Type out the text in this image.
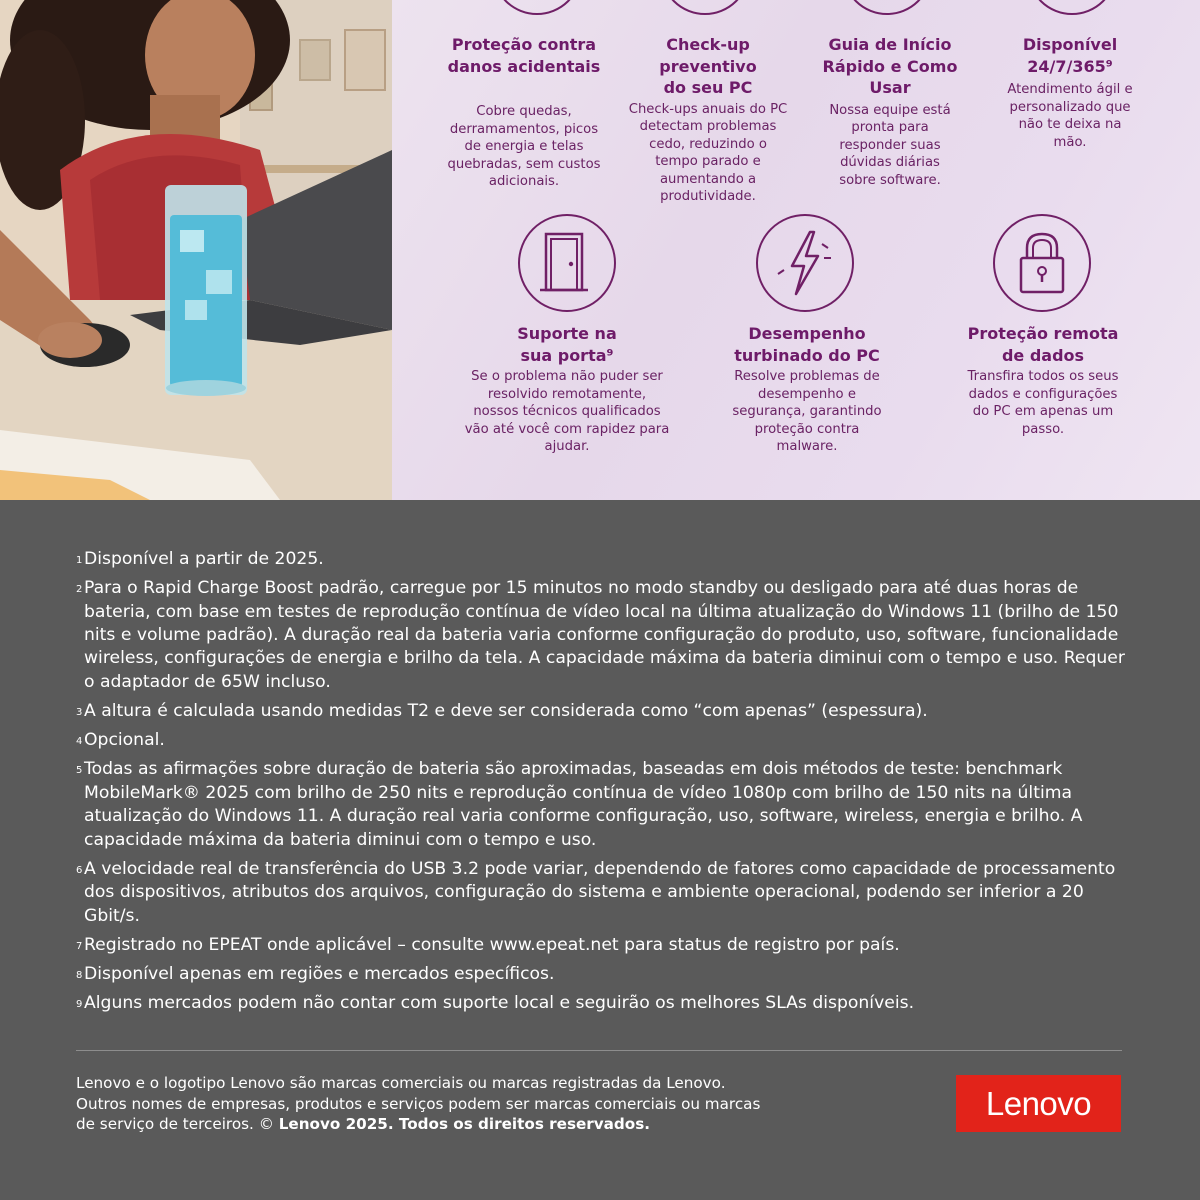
Proteção contra danos acidentais
Cobre quedas, derramamentos, picos de energia e telas quebradas, sem custos adicionais.
Check-up preventivo do seu PC
Check-ups anuais do PC detectam problemas cedo, reduzindo o tempo parado e aumentando a produtividade.
Guia de Início Rápido e Como Usar
Nossa equipe está pronta para responder suas dúvidas diárias sobre software.
Disponível 24/7/365⁹
Atendimento ágil e personalizado que não te deixa na mão.
Suporte na sua porta⁹
Se o problema não puder ser resolvido remotamente, nossos técnicos qualificados vão até você com rapidez para ajudar.
Desempenho turbinado do PC
Resolve problemas de desempenho e segurança, garantindo proteção contra malware.
Proteção remota de dados
Transfira todos os seus dados e configurações do PC em apenas um passo.
1 Disponível a partir de 2025.
2 Para o Rapid Charge Boost padrão, carregue por 15 minutos no modo standby ou desligado para até duas horas de bateria, com base em testes de reprodução contínua de vídeo local na última atualização do Windows 11 (brilho de 150 nits e volume padrão). A duração real da bateria varia conforme configuração do produto, uso, software, funcionalidade wireless, configurações de energia e brilho da tela. A capacidade máxima da bateria diminui com o tempo e uso. Requer o adaptador de 65W incluso.
3 A altura é calculada usando medidas T2 e deve ser considerada como “com apenas” (espessura).
4 Opcional.
5 Todas as afirmações sobre duração de bateria são aproximadas, baseadas em dois métodos de teste: benchmark MobileMark® 2025 com brilho de 250 nits e reprodução contínua de vídeo 1080p com brilho de 150 nits na última atualização do Windows 11. A duração real varia conforme configuração, uso, software, wireless, energia e brilho. A capacidade máxima da bateria diminui com o tempo e uso.
6 A velocidade real de transferência do USB 3.2 pode variar, dependendo de fatores como capacidade de processamento dos dispositivos, atributos dos arquivos, configuração do sistema e ambiente operacional, podendo ser inferior a 20 Gbit/s.
7 Registrado no EPEAT onde aplicável – consulte www.epeat.net para status de registro por país.
8 Disponível apenas em regiões e mercados específicos.
9 Alguns mercados podem não contar com suporte local e seguirão os melhores SLAs disponíveis.
Lenovo e o logotipo Lenovo são marcas comerciais ou marcas registradas da Lenovo.
Outros nomes de empresas, produtos e serviços podem ser marcas comerciais ou marcas
de serviço de terceiros. © Lenovo 2025. Todos os direitos reservados.
Lenovo
